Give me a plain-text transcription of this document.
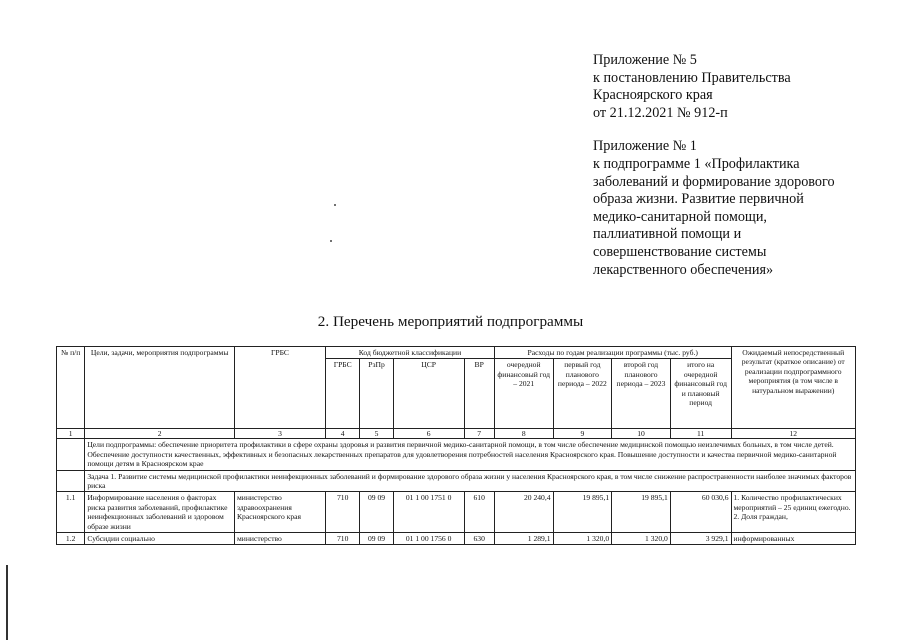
Приложение № 5
к постановлению Правительства
Красноярского края
от 21.12.2021 № 912-п
Приложение № 1
к подпрограмме 1 «Профилактика
заболеваний и формирование здорового
образа жизни. Развитие первичной
медико-санитарной помощи,
паллиативной помощи и
совершенствование системы
лекарственного обеспечения»
2. Перечень мероприятий подпрограммы
№ п/п	Цели, задачи, мероприятия подпрограммы	ГРБС	Код бюджетной классификации				Расходы по годам реализации программы (тыс. руб.)				Ожидаемый непосредственный результат (краткое описание) от реализации подпрограммного мероприятия (в том числе в натуральном выражении)
			ГРБС	РзПр	ЦСР	ВР	очередной финансовый год – 2021	первый год планового периода – 2022	второй год планового периода – 2023	итого на очередной финансовый год и плановый период	
1	2	3	4	5	6	7	8	9	10	11	12
	Цели подпрограммы: обеспечение приоритета профилактики в сфере охраны здоровья и развития первичной медико-санитарной помощи, в том числе обеспечение медицинской помощью неизлечимых больных, в том числе детей. Обеспечение доступности качественных, эффективных и безопасных лекарственных препаратов для удовлетворения потребностей населения Красноярского края. Повышение доступности и качества первичной медико-санитарной помощи детям в Красноярском крае										
	Задача 1. Развитие системы медицинской профилактики неинфекционных заболеваний и формирование здорового образа жизни у населения Красноярского края, в том числе снижение распространенности наиболее значимых факторов риска										
1.1	Информирование населения о факторах риска развития заболеваний, профилактике неинфекционных заболеваний и здоровом образе жизни	министерство здравоохранения Красноярского края	710	09 09	01 1 00 1751 0	610	20 240,4	19 895,1	19 895,1	60 030,6	1. Количество профилактических мероприятий – 25 единиц ежегодно. 2. Доля граждан,
1.2	Субсидии социально	министерство	710	09 09	01 1 00 1756 0	630	1 289,1	1 320,0	1 320,0	3 929,1	информированных
